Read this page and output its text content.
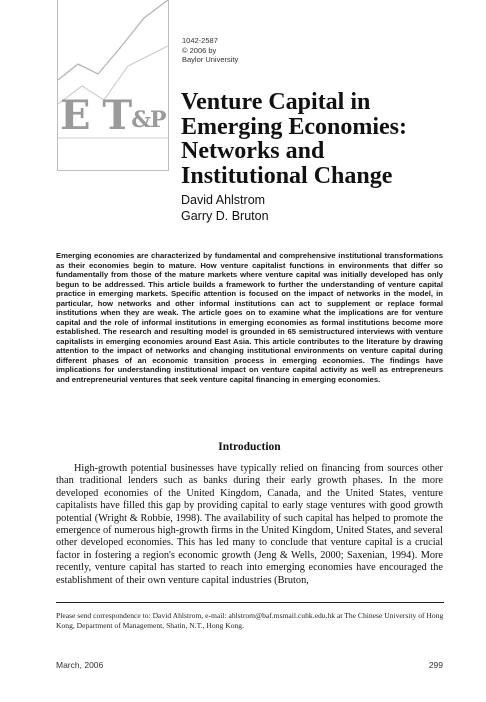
E T&P
1042-2587
© 2006 by
Baylor University
Venture Capital in
Emerging Economies:
Networks and
Institutional Change
David Ahlstrom
Garry D. Bruton

Emerging economies are characterized by fundamental and comprehensive institutional transformations as their economies begin to mature. How venture capitalist functions in environments that differ so fundamentally from those of the mature markets where venture capital was initially developed has only begun to be addressed. This article builds a framework to further the understanding of venture capital practice in emerging markets. Specific attention is focused on the impact of networks in the model, in particular, how networks and other informal institutions can act to supplement or replace formal institutions when they are weak. The article goes on to examine what the implications are for venture capital and the role of informal institutions in emerging economies as formal institutions become more established. The research and resulting model is grounded in 65 semistructured interviews with venture capitalists in emerging economies around East Asia. This article contributes to the literature by drawing attention to the impact of networks and changing institutional environments on venture capital during different phases of an economic transition process in emerging economies. The findings have implications for understanding institutional impact on venture capital activity as well as entrepreneurs and entrepreneurial ventures that seek venture capital financing in emerging economies.

Introduction

High-growth potential businesses have typically relied on financing from sources other than traditional lenders such as banks during their early growth phases. In the more developed economies of the United Kingdom, Canada, and the United States, venture capitalists have filled this gap by providing capital to early stage ventures with good growth potential (Wright & Robbie, 1998). The availability of such capital has helped to promote the emergence of numerous high-growth firms in the United Kingdom, United States, and several other developed economies. This has led many to conclude that venture capital is a crucial factor in fostering a region's economic growth (Jeng & Wells, 2000; Saxenian, 1994). More recently, venture capital has started to reach into emerging economies have encouraged the establishment of their own venture capital industries (Bruton,

Please send correspondence to: David Ahlstrom, e-mail: ahlstrom@baf.msmail.cuhk.edu.hk at The Chinese University of Hong Kong, Department of Management, Shatin, N.T., Hong Kong.

March, 2006	299
